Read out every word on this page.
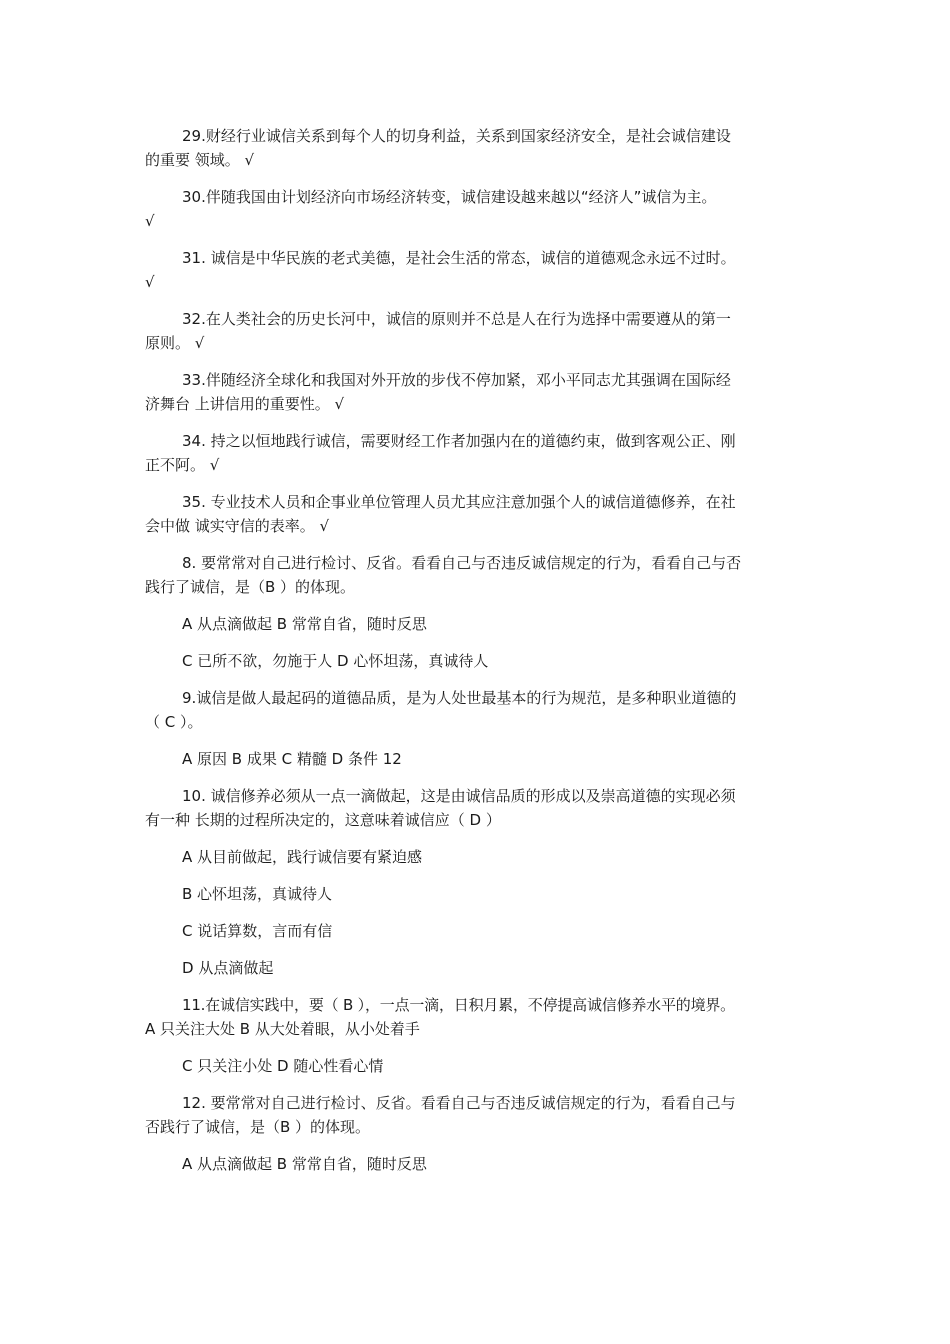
29.财经行业诚信关系到每个人的切身利益，关系到国家经济安全，是社会诚信建设
的重要 领域。 √

30.伴随我国由计划经济向市场经济转变，诚信建设越来越以“经济人”诚信为主。
√

31. 诚信是中华民族的老式美德，是社会生活的常态，诚信的道德观念永远不过时。
√

32.在人类社会的历史长河中，诚信的原则并不总是人在行为选择中需要遵从的第一
原则。 √

33.伴随经济全球化和我国对外开放的步伐不停加紧，邓小平同志尤其强调在国际经
济舞台 上讲信用的重要性。 √

34. 持之以恒地践行诚信，需要财经工作者加强内在的道德约束，做到客观公正、刚
正不阿。 √

35. 专业技术人员和企事业单位管理人员尤其应注意加强个人的诚信道德修养，在社
会中做 诚实守信的表率。 √

8. 要常常对自己进行检讨、反省。看看自己与否违反诚信规定的行为，看看自己与否
践行了诚信，是（B ）的体现。

A 从点滴做起 B 常常自省，随时反思

C 已所不欲，勿施于人 D 心怀坦荡，真诚待人

9.诚信是做人最起码的道德品质，是为人处世最基本的行为规范，是多种职业道德的
（ C ）。

A 原因 B 成果 C 精髓 D 条件 12

10. 诚信修养必须从一点一滴做起，这是由诚信品质的形成以及崇高道德的实现必须
有一种 长期的过程所决定的，这意味着诚信应（ D ）

A 从目前做起，践行诚信要有紧迫感

B 心怀坦荡，真诚待人

C 说话算数，言而有信

D 从点滴做起

11.在诚信实践中，要（ B ），一点一滴，日积月累，不停提高诚信修养水平的境界。
A 只关注大处 B 从大处着眼，从小处着手

C 只关注小处 D 随心性看心情

12. 要常常对自己进行检讨、反省。看看自己与否违反诚信规定的行为，看看自己与
否践行了诚信，是（B ）的体现。

A 从点滴做起 B 常常自省，随时反思
